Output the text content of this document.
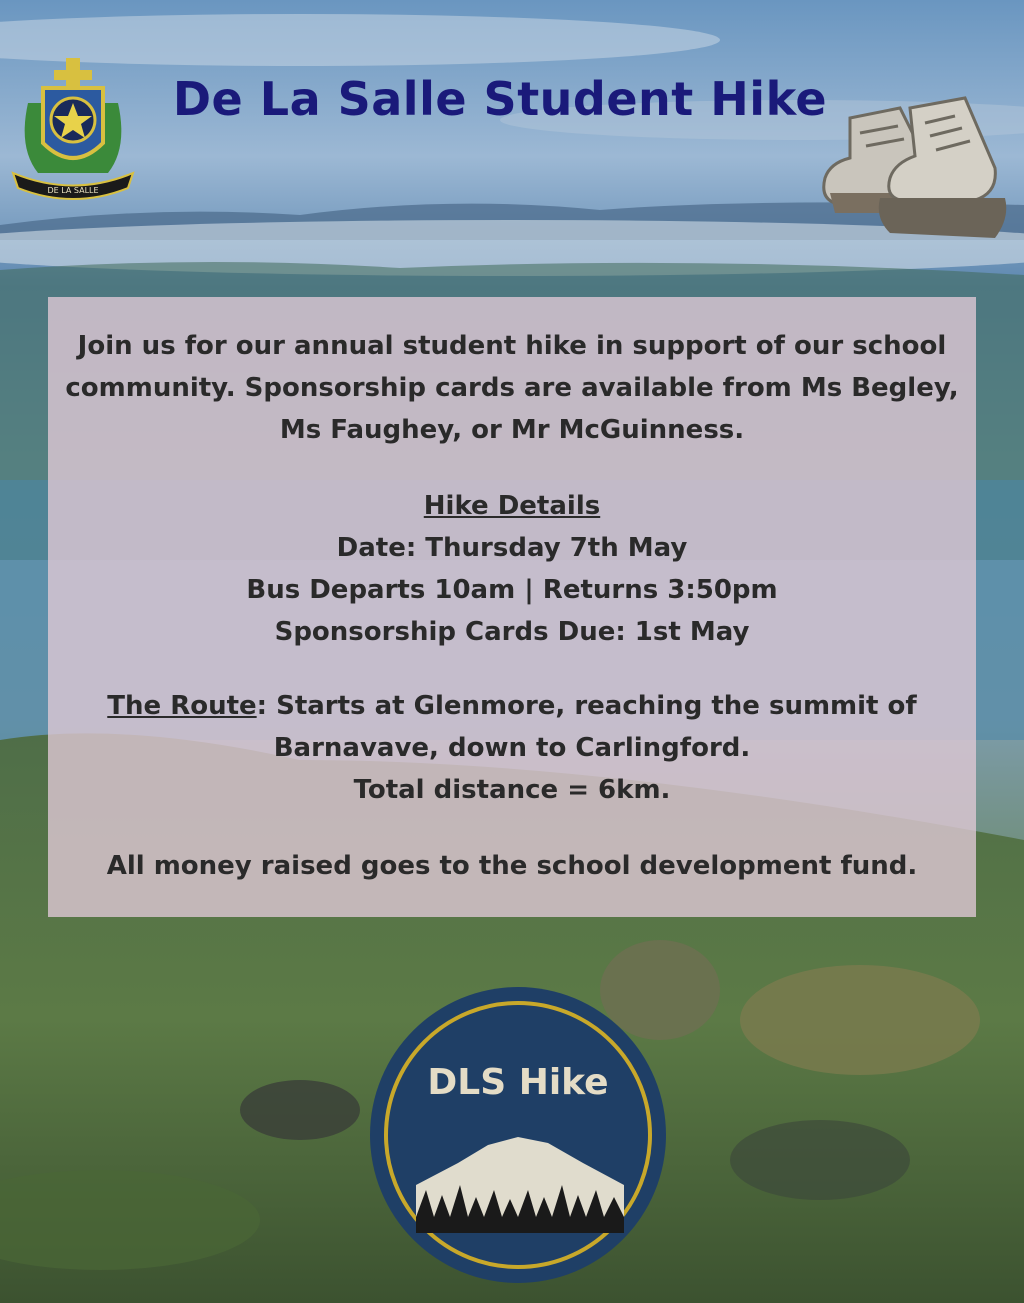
DE LA SALLE
De La Salle Student Hike

Join us for our annual student hike in support of our school

community. Sponsorship cards are available from Ms Begley,

Ms Faughey, or Mr McGuinness.

Hike Details

Date: Thursday 7th May

Bus Departs 10am | Returns 3:50pm

Sponsorship Cards Due: 1st May

The Route: Starts at Glenmore, reaching the summit of

Barnavave, down to Carlingford.

Total distance = 6km.

All money raised goes to the school development fund.

DLS Hike
